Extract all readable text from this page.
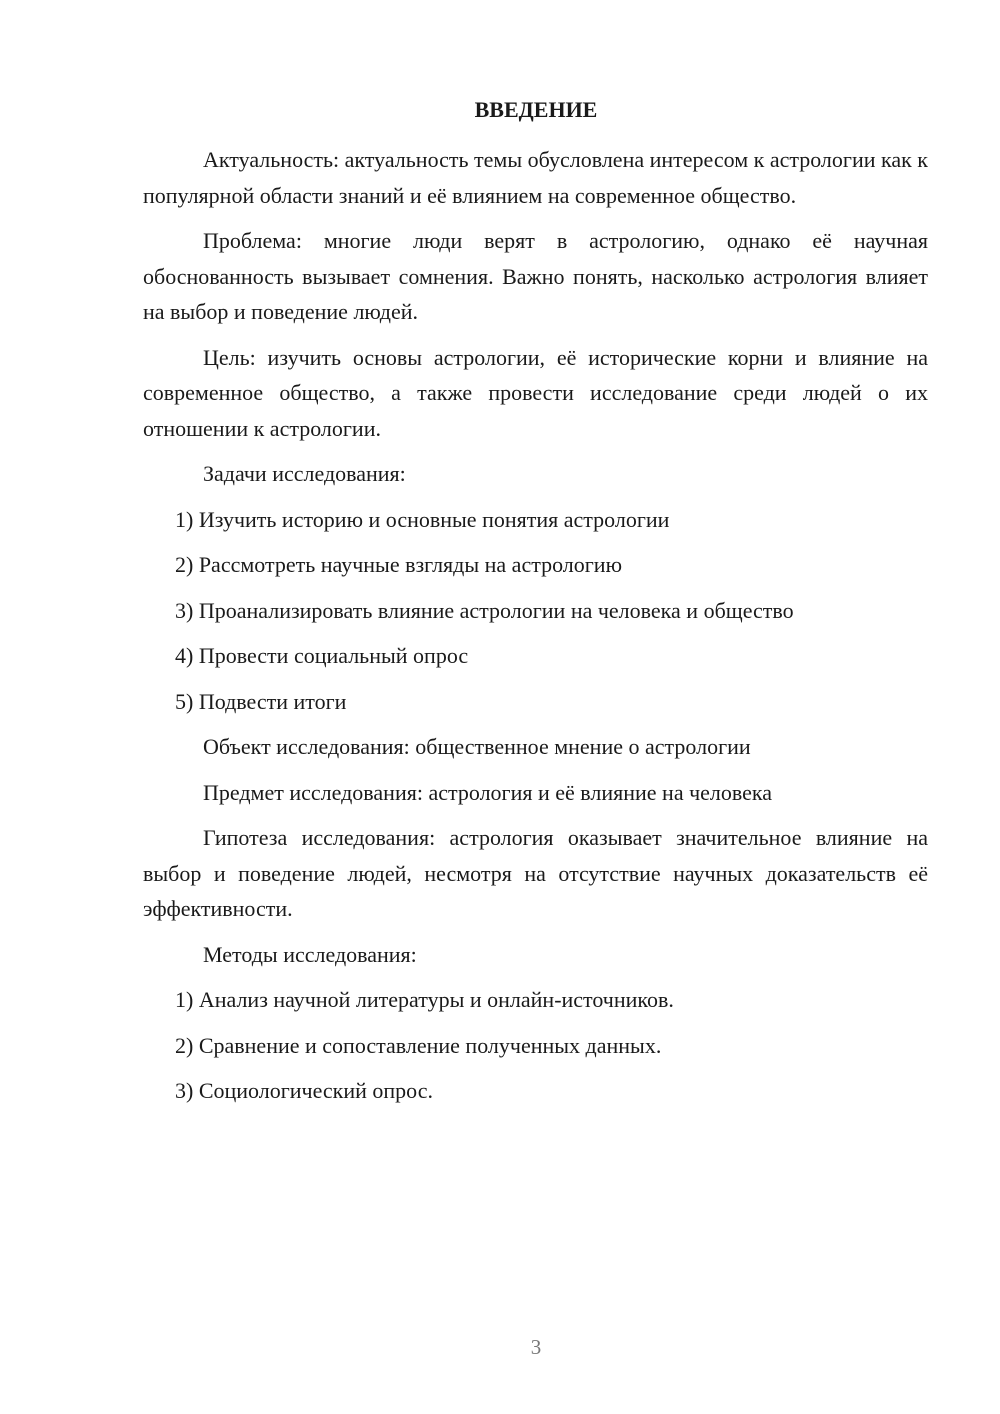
ВВЕДЕНИЕ

Актуальность: актуальность темы обусловлена интересом к астрологии как к популярной области знаний и её влиянием на современное общество.

Проблема: многие люди верят в астрологию, однако её научная обоснованность вызывает сомнения. Важно понять, насколько астрология влияет на выбор и поведение людей.

Цель: изучить основы астрологии, её исторические корни и влияние на современное общество, а также провести исследование среди людей о их отношении к астрологии.

Задачи исследования:

1) Изучить историю и основные понятия астрологии

2) Рассмотреть научные взгляды на астрологию

3) Проанализировать влияние астрологии на человека и общество

4) Провести социальный опрос

5) Подвести итоги

Объект исследования: общественное мнение о астрологии

Предмет исследования: астрология и её влияние на человека

Гипотеза исследования: астрология оказывает значительное влияние на выбор и поведение людей, несмотря на отсутствие научных доказательств её эффективности.

Методы исследования:

1) Анализ научной литературы и онлайн-источников.

2) Сравнение и сопоставление полученных данных.

3) Социологический опрос.

3
